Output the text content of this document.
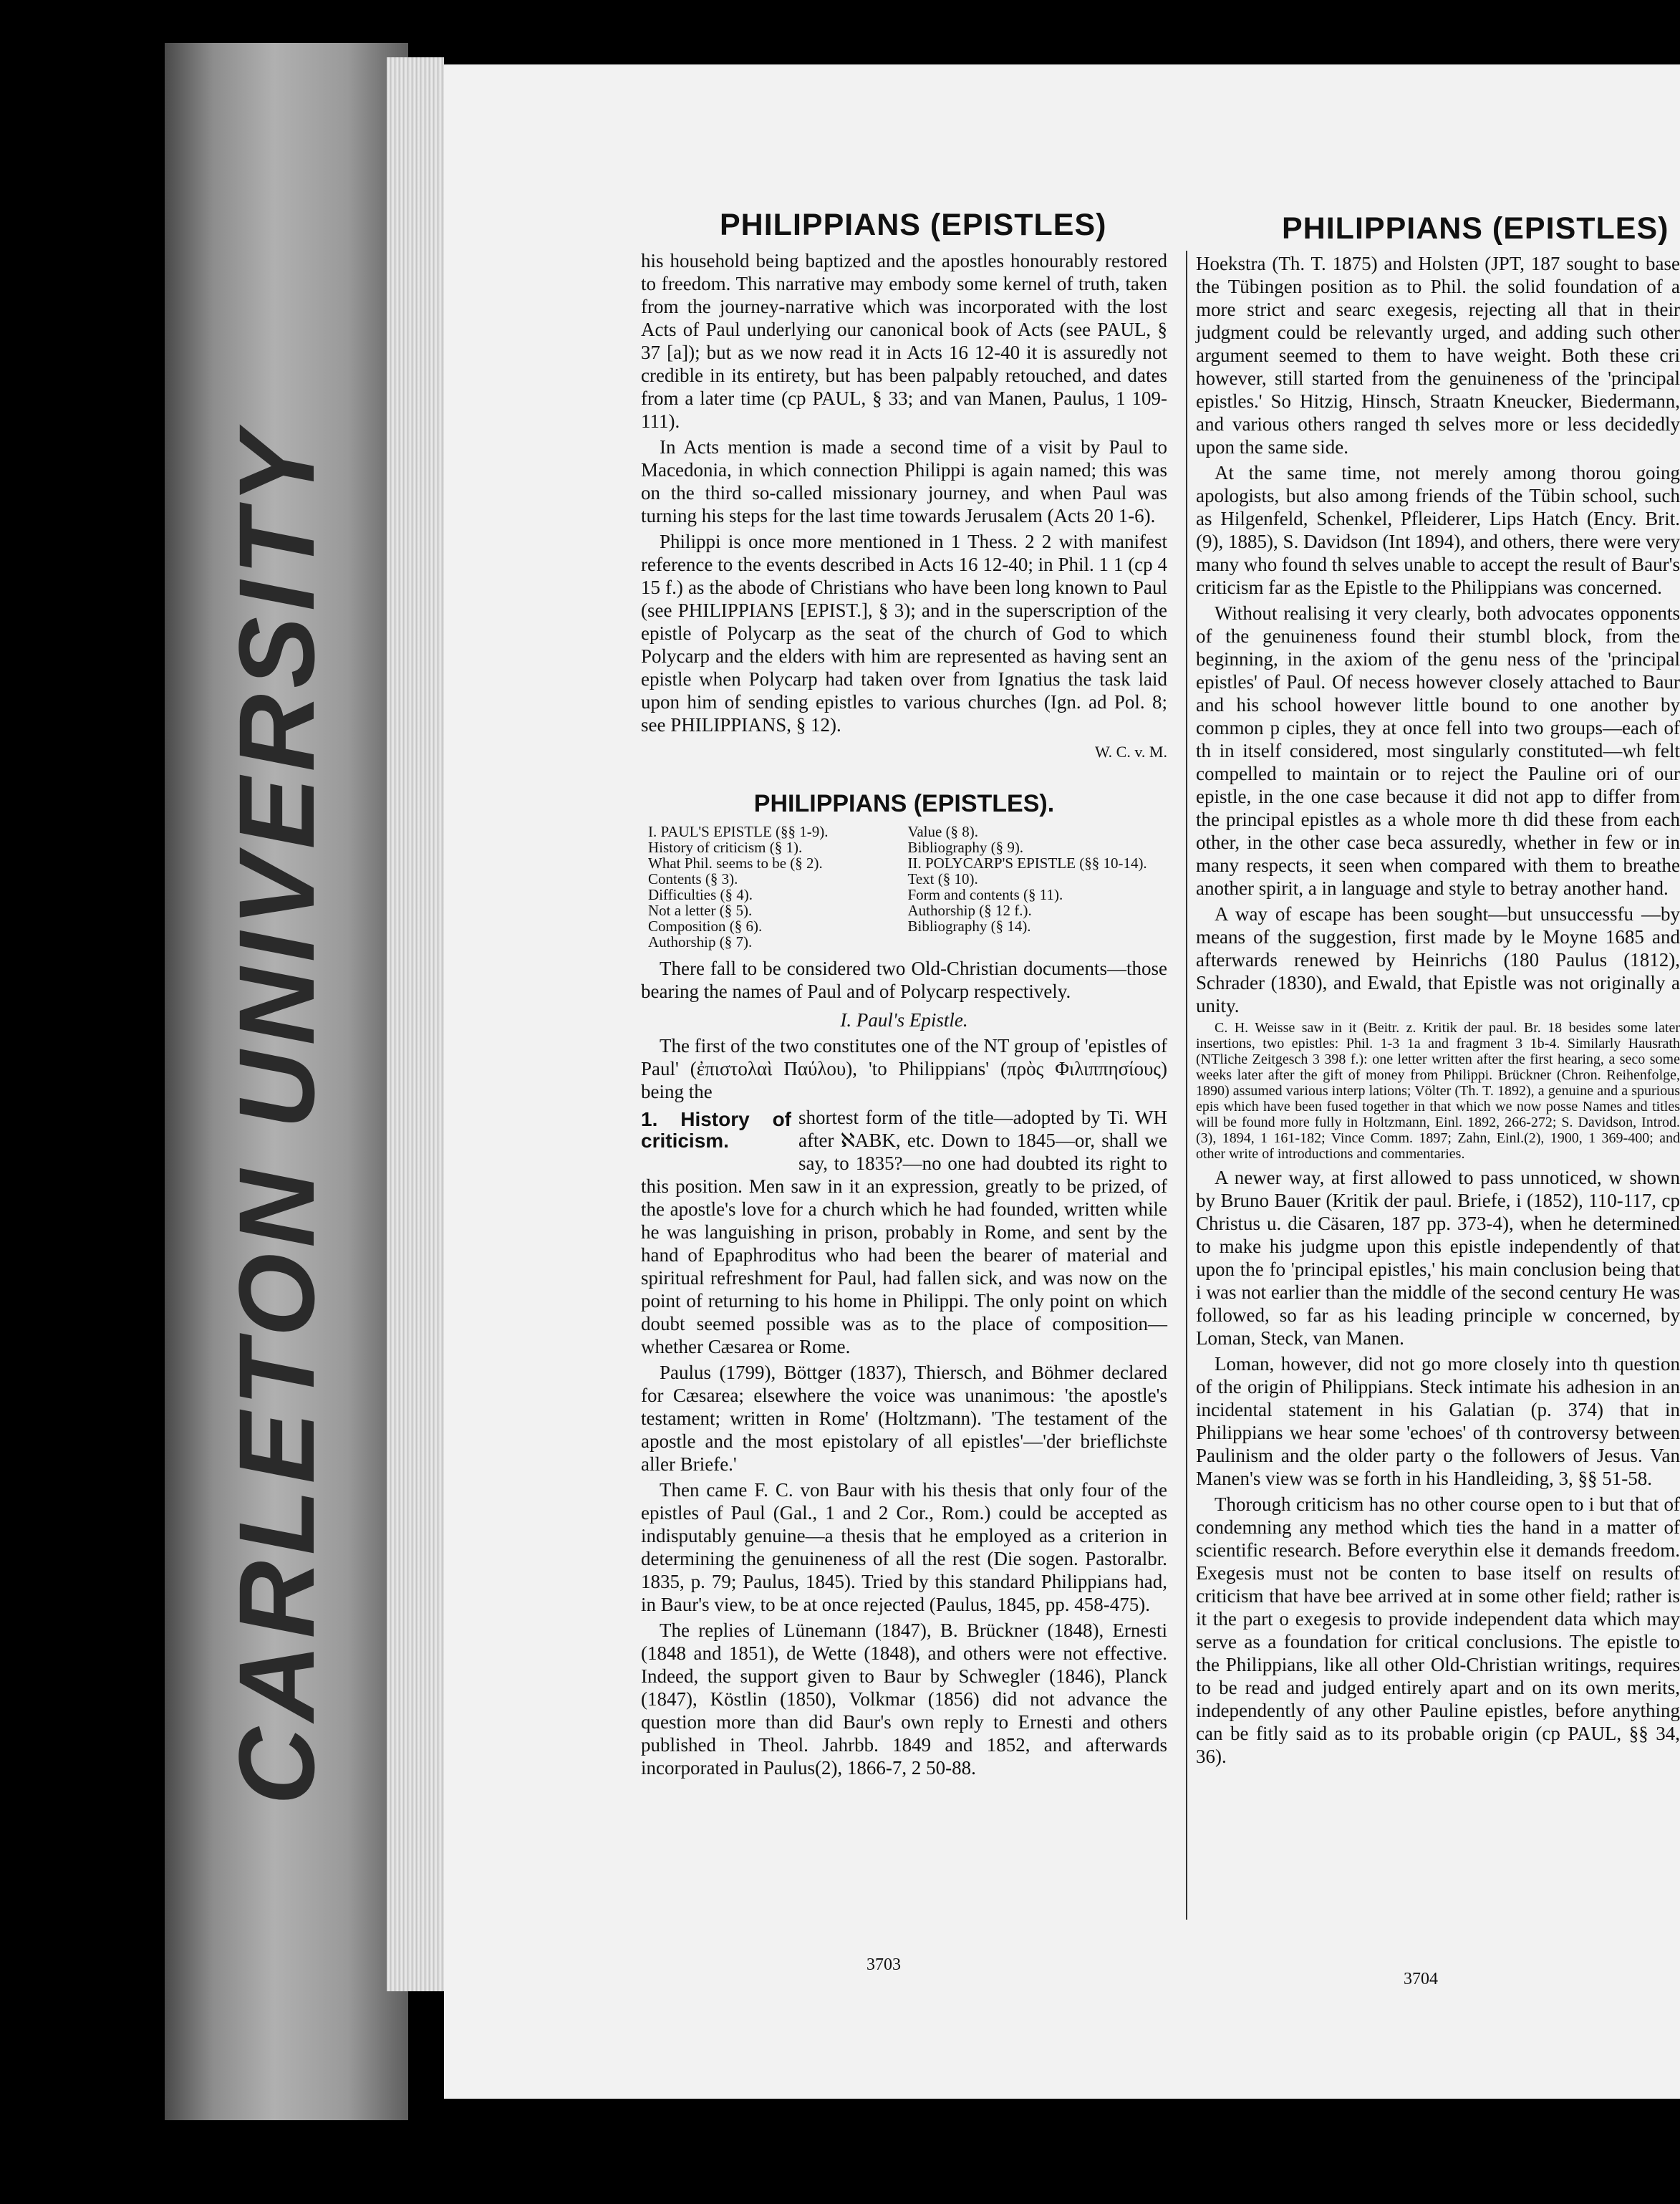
CARLETON UNIVERSITY
PHILIPPIANS (EPISTLES)	PHILIPPIANS (EPISTLES)

his household being baptized and the apostles honourably restored to freedom. This narrative may embody some kernel of truth, taken from the journey-narrative which was incorporated with the lost Acts of Paul underlying our canonical book of Acts (see PAUL, § 37 [a]); but as we now read it in Acts 16 12-40 it is assuredly not credible in its entirety, but has been palpably retouched, and dates from a later time (cp PAUL, § 33; and van Manen, Paulus, 1 109-111).

In Acts mention is made a second time of a visit by Paul to Macedonia, in which connection Philippi is again named; this was on the third so-called missionary journey, and when Paul was turning his steps for the last time towards Jerusalem (Acts 20 1-6).

Philippi is once more mentioned in 1 Thess. 2 2 with manifest reference to the events described in Acts 16 12-40; in Phil. 1 1 (cp 4 15 f.) as the abode of Christians who have been long known to Paul (see PHILIPPIANS [EPIST.], § 3); and in the superscription of the epistle of Polycarp as the seat of the church of God to which Polycarp and the elders with him are represented as having sent an epistle when Polycarp had taken over from Ignatius the task laid upon him of sending epistles to various churches (Ign. ad Pol. 8; see PHILIPPIANS, § 12).

W. C. v. M.
PHILIPPIANS (EPISTLES).
I. PAUL'S EPISTLE (§§ 1-9).
History of criticism (§ 1).
What Phil. seems to be (§ 2).
Contents (§ 3).
Difficulties (§ 4).
Not a letter (§ 5).
Composition (§ 6).
Authorship (§ 7).
Value (§ 8).
Bibliography (§ 9).
II. POLYCARP'S EPISTLE (§§ 10-14).
Text (§ 10).
Form and contents (§ 11).
Authorship (§ 12 f.).
Bibliography (§ 14).

There fall to be considered two Old-Christian documents—those bearing the names of Paul and of Polycarp respectively.

I. Paul's Epistle.

The first of the two constitutes one of the NT group of 'epistles of Paul' (ἐπιστολαὶ Παύλου), 'to Philippians' (πρὸς Φιλιππησίους) being the

1. History of criticism.

shortest form of the title—adopted by Ti. WH after ℵABK, etc. Down to 1845—or, shall we say, to 1835?—no one had doubted its right to this position. Men saw in it an expression, greatly to be prized, of the apostle's love for a church which he had founded, written while he was languishing in prison, probably in Rome, and sent by the hand of Epaphroditus who had been the bearer of material and spiritual refreshment for Paul, had fallen sick, and was now on the point of returning to his home in Philippi. The only point on which doubt seemed possible was as to the place of composition—whether Cæsarea or Rome.

Paulus (1799), Böttger (1837), Thiersch, and Böhmer declared for Cæsarea; elsewhere the voice was unanimous: 'the apostle's testament; written in Rome' (Holtzmann). 'The testament of the apostle and the most epistolary of all epistles'—'der brieflichste aller Briefe.'

Then came F. C. von Baur with his thesis that only four of the epistles of Paul (Gal., 1 and 2 Cor., Rom.) could be accepted as indisputably genuine—a thesis that he employed as a criterion in determining the genuineness of all the rest (Die sogen. Pastoralbr. 1835, p. 79; Paulus, 1845). Tried by this standard Philippians had, in Baur's view, to be at once rejected (Paulus, 1845, pp. 458-475).

The replies of Lünemann (1847), B. Brückner (1848), Ernesti (1848 and 1851), de Wette (1848), and others were not effective. Indeed, the support given to Baur by Schwegler (1846), Planck (1847), Köstlin (1850), Volkmar (1856) did not advance the question more than did Baur's own reply to Ernesti and others published in Theol. Jahrbb. 1849 and 1852, and afterwards incorporated in Paulus(2), 1866-7, 2 50-88.

3703

Hoekstra (Th. T. 1875) and Holsten (JPT, 187 sought to base the Tübingen position as to Phil. the solid foundation of a more strict and searc exegesis, rejecting all that in their judgment could be relevantly urged, and adding such other argument seemed to them to have weight. Both these cri however, still started from the genuineness of the 'principal epistles.' So Hitzig, Hinsch, Straatn Kneucker, Biedermann, and various others ranged th selves more or less decidedly upon the same side.

At the same time, not merely among thorou going apologists, but also among friends of the Tübin school, such as Hilgenfeld, Schenkel, Pfleiderer, Lips Hatch (Ency. Brit.(9), 1885), S. Davidson (Int 1894), and others, there were very many who found th selves unable to accept the result of Baur's criticism far as the Epistle to the Philippians was concerned.

Without realising it very clearly, both advocates opponents of the genuineness found their stumbl block, from the beginning, in the axiom of the genu ness of the 'principal epistles' of Paul. Of necess however closely attached to Baur and his school however little bound to one another by common p ciples, they at once fell into two groups—each of th in itself considered, most singularly constituted—wh felt compelled to maintain or to reject the Pauline ori of our epistle, in the one case because it did not app to differ from the principal epistles as a whole more th did these from each other, in the other case beca assuredly, whether in few or in many respects, it seen when compared with them to breathe another spirit, a in language and style to betray another hand.

A way of escape has been sought—but unsuccessfu —by means of the suggestion, first made by le Moyne 1685 and afterwards renewed by Heinrichs (180 Paulus (1812), Schrader (1830), and Ewald, that Epistle was not originally a unity.

C. H. Weisse saw in it (Beitr. z. Kritik der paul. Br. 18 besides some later insertions, two epistles: Phil. 1-3 1a and fragment 3 1b-4. Similarly Hausrath (NTliche Zeitgesch 3 398 f.): one letter written after the first hearing, a seco some weeks later after the gift of money from Philippi. Brückner (Chron. Reihenfolge, 1890) assumed various interp lations; Völter (Th. T. 1892), a genuine and a spurious epis which have been fused together in that which we now posse Names and titles will be found more fully in Holtzmann, Einl. 1892, 266-272; S. Davidson, Introd.(3), 1894, 1 161-182; Vince Comm. 1897; Zahn, Einl.(2), 1900, 1 369-400; and other write of introductions and commentaries.

A newer way, at first allowed to pass unnoticed, w shown by Bruno Bauer (Kritik der paul. Briefe, i (1852), 110-117, cp Christus u. die Cäsaren, 187 pp. 373-4), when he determined to make his judgme upon this epistle independently of that upon the fo 'principal epistles,' his main conclusion being that i was not earlier than the middle of the second century He was followed, so far as his leading principle w concerned, by Loman, Steck, van Manen.

Loman, however, did not go more closely into th question of the origin of Philippians. Steck intimate his adhesion in an incidental statement in his Galatian (p. 374) that in Philippians we hear some 'echoes' of th controversy between Paulinism and the older party o the followers of Jesus. Van Manen's view was se forth in his Handleiding, 3, §§ 51-58.

Thorough criticism has no other course open to i but that of condemning any method which ties the hand in a matter of scientific research. Before everythin else it demands freedom. Exegesis must not be conten to base itself on results of criticism that have bee arrived at in some other field; rather is it the part o exegesis to provide independent data which may serve as a foundation for critical conclusions. The epistle to the Philippians, like all other Old-Christian writings, requires to be read and judged entirely apart and on its own merits, independently of any other Pauline epistles, before anything can be fitly said as to its probable origin (cp PAUL, §§ 34, 36).

3704
